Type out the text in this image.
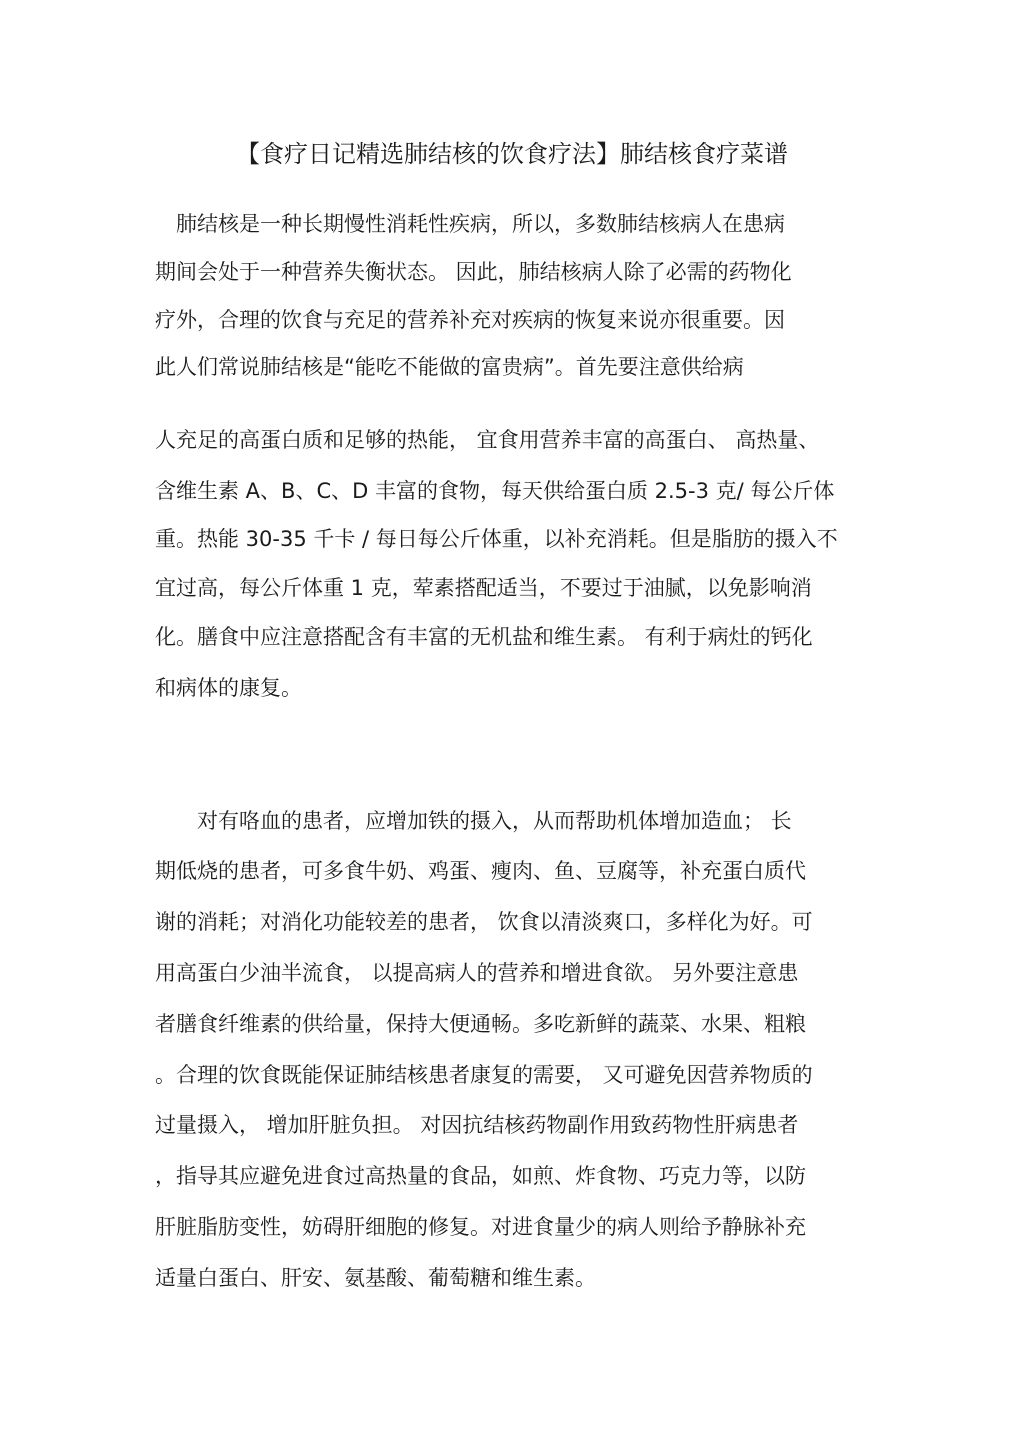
【食疗日记精选肺结核的饮食疗法】肺结核食疗菜谱

　肺结核是一种长期慢性消耗性疾病，所以，多数肺结核病人在患病

期间会处于一种营养失衡状态。 因此，肺结核病人除了必需的药物化

疗外，合理的饮食与充足的营养补充对疾病的恢复来说亦很重要。因

此人们常说肺结核是“能吃不能做的富贵病”。首先要注意供给病

人充足的高蛋白质和足够的热能， 宜食用营养丰富的高蛋白、 高热量、

含维生素 A、B、C、D 丰富的食物，每天供给蛋白质 2.5-3 克/ 每公斤体

重。热能 30-35 千卡 / 每日每公斤体重，以补充消耗。但是脂肪的摄入不

宜过高，每公斤体重 1 克，荤素搭配适当，不要过于油腻，以免影响消

化。膳食中应注意搭配含有丰富的无机盐和维生素。 有利于病灶的钙化

和病体的康复。

　　对有咯血的患者，应增加铁的摄入，从而帮助机体增加造血； 长

期低烧的患者，可多食牛奶、鸡蛋、瘦肉、鱼、豆腐等，补充蛋白质代

谢的消耗；对消化功能较差的患者， 饮食以清淡爽口，多样化为好。可

用高蛋白少油半流食， 以提高病人的营养和增进食欲。 另外要注意患

者膳食纤维素的供给量，保持大便通畅。多吃新鲜的蔬菜、水果、粗粮

。合理的饮食既能保证肺结核患者康复的需要， 又可避免因营养物质的

过量摄入， 增加肝脏负担。 对因抗结核药物副作用致药物性肝病患者

，指导其应避免进食过高热量的食品，如煎、炸食物、巧克力等，以防

肝脏脂肪变性，妨碍肝细胞的修复。对进食量少的病人则给予静脉补充

适量白蛋白、肝安、氨基酸、葡萄糖和维生素。
